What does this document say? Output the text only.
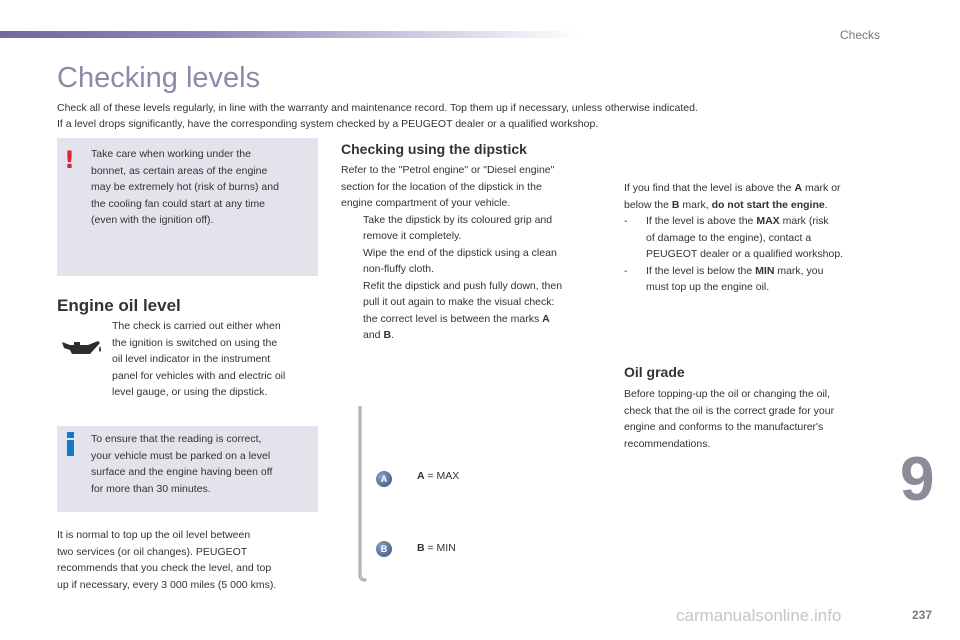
Checks
Checking levels
Check all of these levels regularly, in line with the warranty and maintenance record. Top them up if necessary, unless otherwise indicated.
If a level drops significantly, have the corresponding system checked by a PEUGEOT dealer or a qualified workshop.
! Take care when working under the
bonnet, as certain areas of the engine
may be extremely hot (risk of burns) and
the cooling fan could start at any time
(even with the ignition off).
Engine oil level
The check is carried out either when
the ignition is switched on using the
oil level indicator in the instrument
panel for vehicles with and electric oil
level gauge, or using the dipstick.
To ensure that the reading is correct,
your vehicle must be parked on a level
surface and the engine having been off
for more than 30 minutes.
It is normal to top up the oil level between
two services (or oil changes). PEUGEOT
recommends that you check the level, and top
up if necessary, every 3 000 miles (5 000 kms).
Checking using the dipstick
Refer to the "Petrol engine" or "Diesel engine"
section for the location of the dipstick in the
engine compartment of your vehicle.
Take the dipstick by its coloured grip and
remove it completely.
Wipe the end of the dipstick using a clean
non-fluffy cloth.
Refit the dipstick and push fully down, then
pull it out again to make the visual check:
the correct level is between the marks A
and B.
A
B
A = MAX
B = MIN
If you find that the level is above the A mark or
below the B mark, do not start the engine.
- If the level is above the MAX mark (risk
of damage to the engine), contact a
PEUGEOT dealer or a qualified workshop.
- If the level is below the MIN mark, you
must top up the engine oil.
Oil grade
Before topping-up the oil or changing the oil,
check that the oil is the correct grade for your
engine and conforms to the manufacturer's
recommendations.
9
carmanualsonline.info	237
